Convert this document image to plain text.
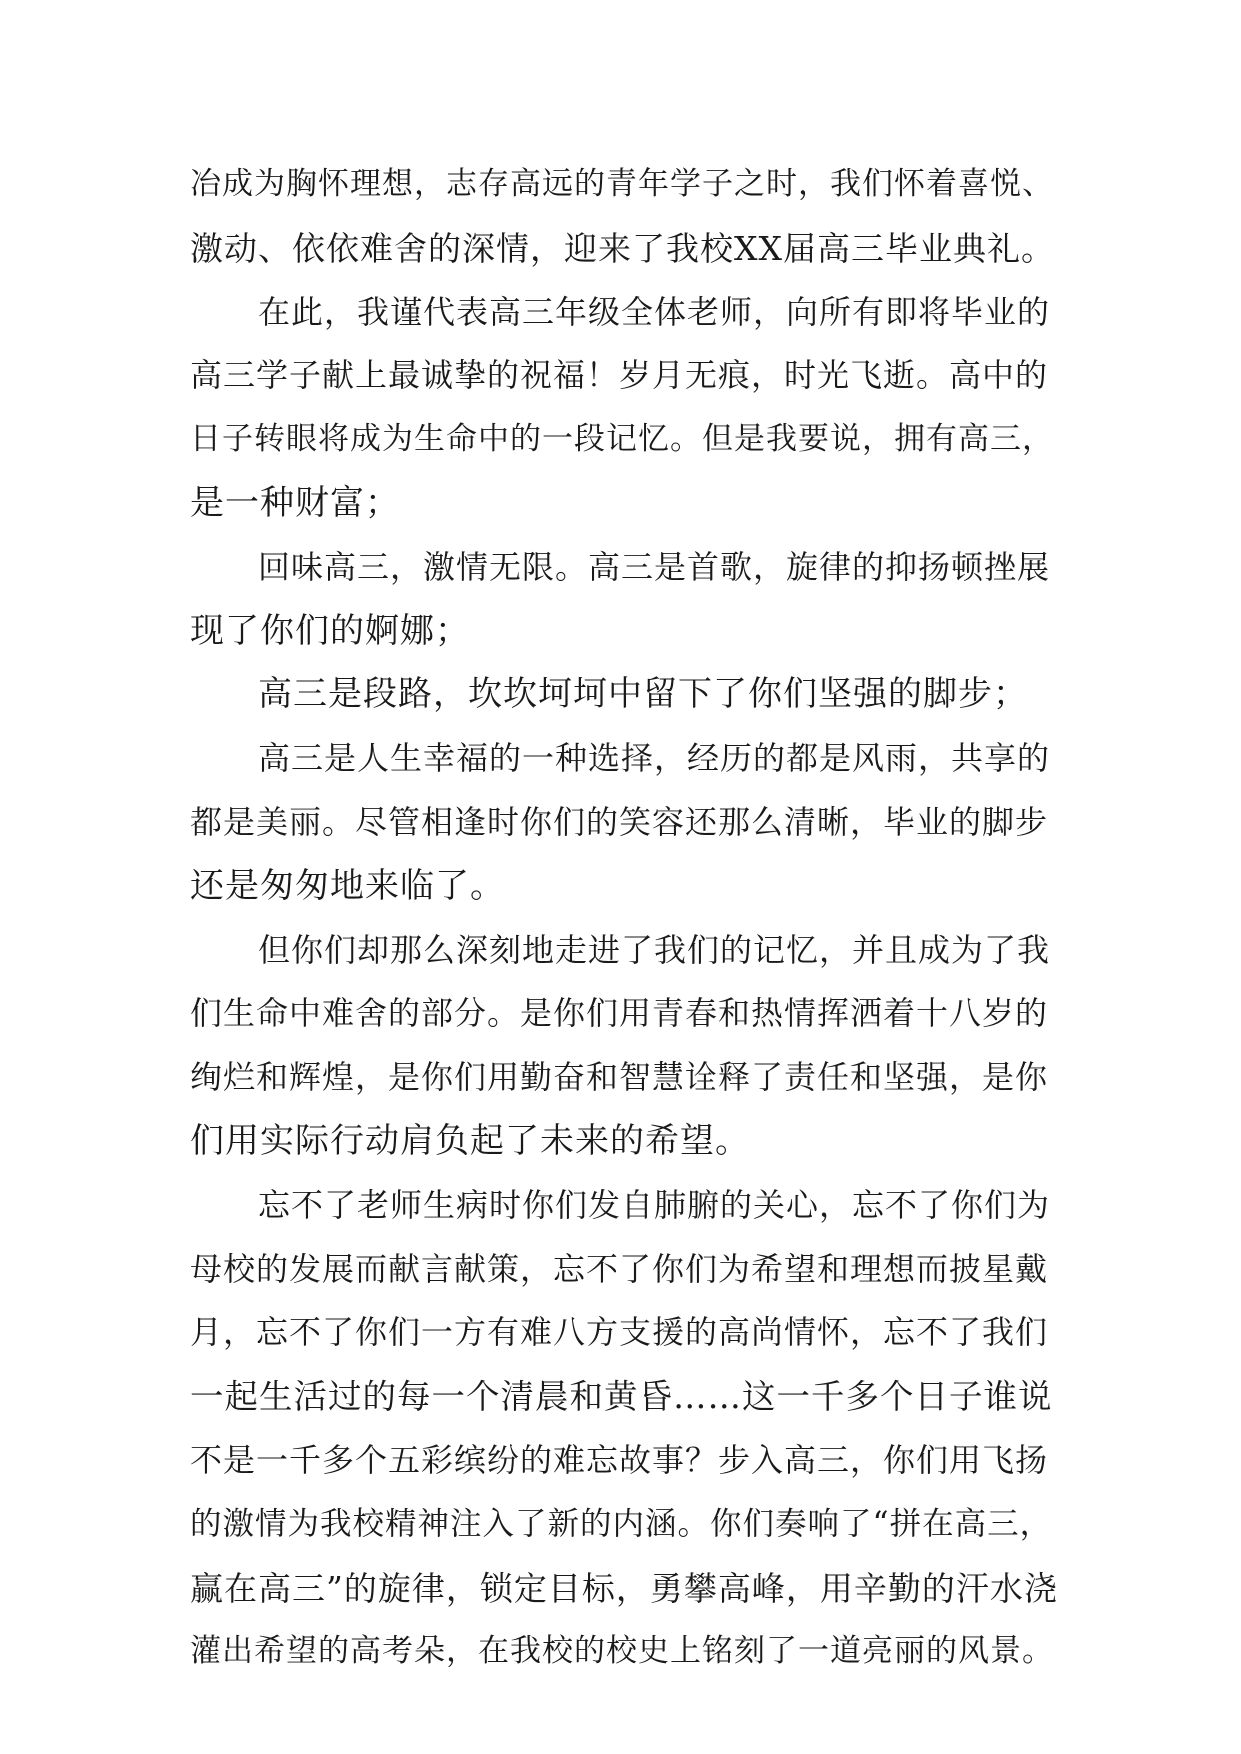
冶成为胸怀理想，志存高远的青年学子之时，我们怀着喜悦、
激动、依依难舍的深情，迎来了我校XX届高三毕业典礼。
在此，我谨代表高三年级全体老师，向所有即将毕业的
高三学子献上最诚挚的祝福！岁月无痕，时光飞逝。高中的
日子转眼将成为生命中的一段记忆。但是我要说，拥有高三，
是一种财富；
回味高三，激情无限。高三是首歌，旋律的抑扬顿挫展
现了你们的婀娜；
高三是段路，坎坎坷坷中留下了你们坚强的脚步；
高三是人生幸福的一种选择，经历的都是风雨，共享的
都是美丽。尽管相逢时你们的笑容还那么清晰，毕业的脚步
还是匆匆地来临了。
但你们却那么深刻地走进了我们的记忆，并且成为了我
们生命中难舍的部分。是你们用青春和热情挥洒着十八岁的
绚烂和辉煌，是你们用勤奋和智慧诠释了责任和坚强，是你
们用实际行动肩负起了未来的希望。
忘不了老师生病时你们发自肺腑的关心，忘不了你们为
母校的发展而献言献策，忘不了你们为希望和理想而披星戴
月，忘不了你们一方有难八方支援的高尚情怀，忘不了我们
一起生活过的每一个清晨和黄昏……这一千多个日子谁说
不是一千多个五彩缤纷的难忘故事？步入高三，你们用飞扬
的激情为我校精神注入了新的内涵。你们奏响了“拼在高三，
赢在高三”的旋律，锁定目标，勇攀高峰，用辛勤的汗水浇
灌出希望的高考朵，在我校的校史上铭刻了一道亮丽的风景。
